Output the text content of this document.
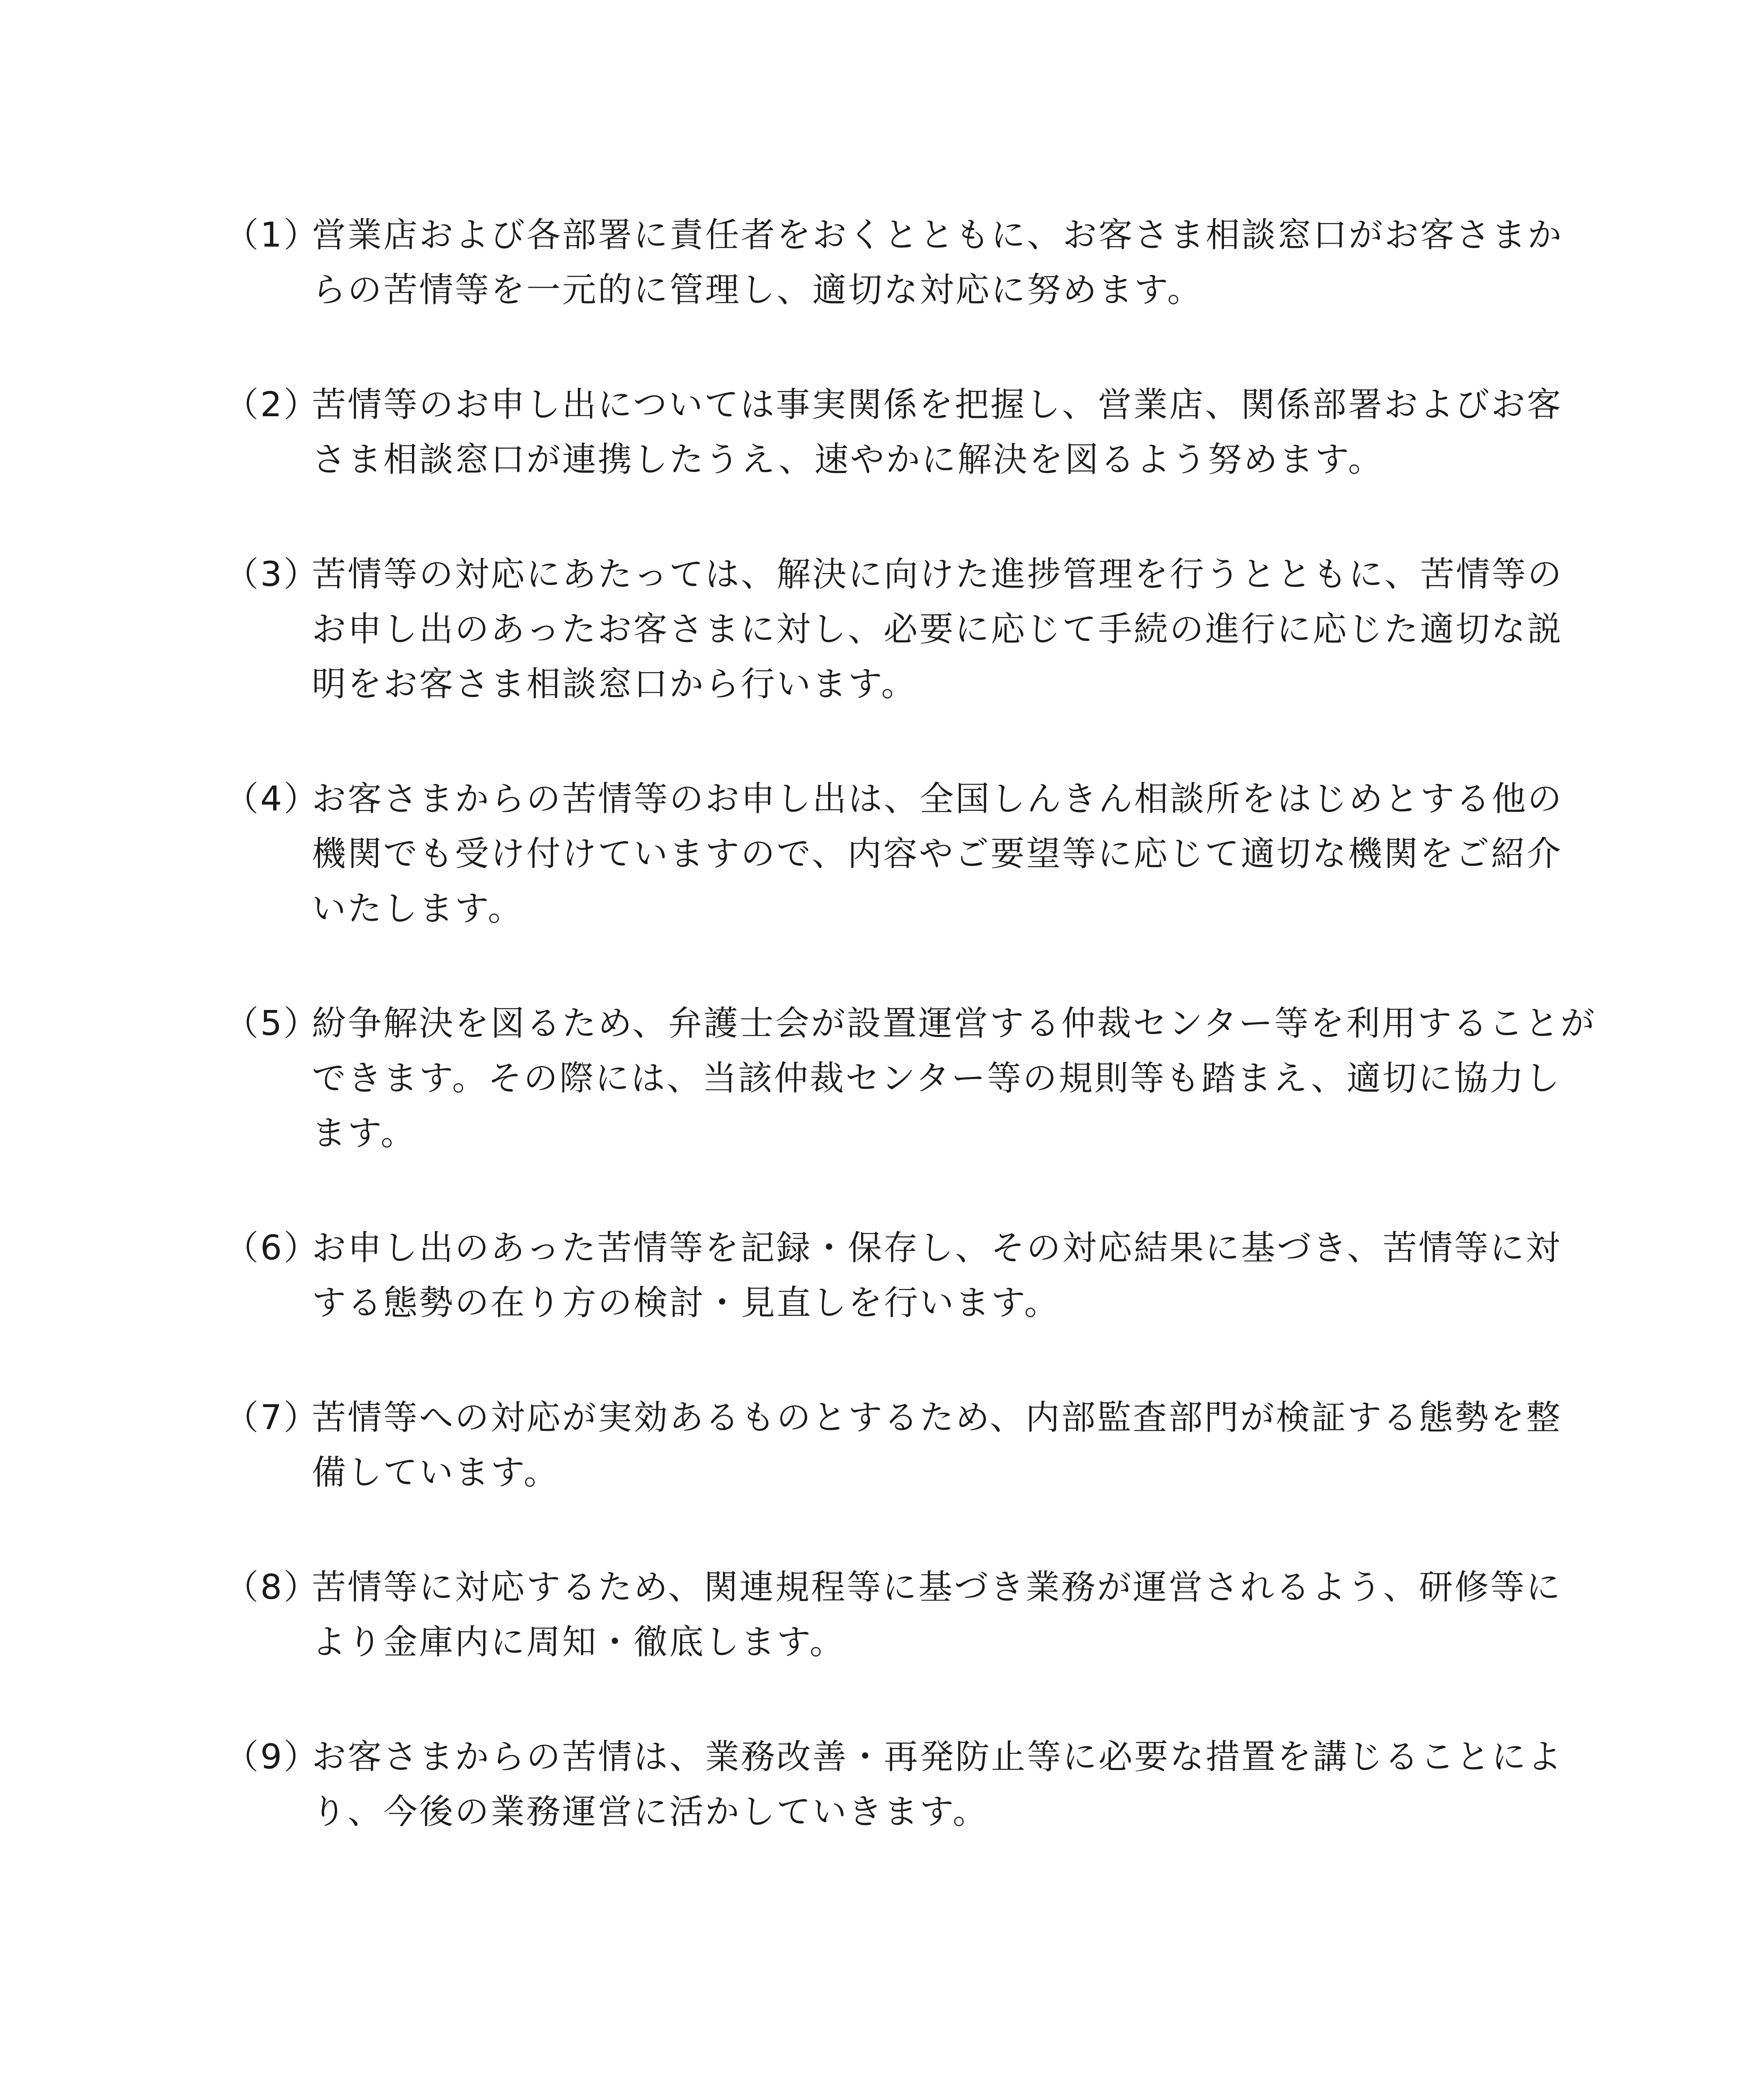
（1）
営業店および各部署に責任者をおくとともに、お客さま相談窓口がお客さまからの苦情等を一元的に管理し、適切な対応に努めます。
（2）
苦情等のお申し出については事実関係を把握し、営業店、関係部署およびお客さま相談窓口が連携したうえ、速やかに解決を図るよう努めます。
（3）
苦情等の対応にあたっては、解決に向けた進捗管理を行うとともに、苦情等のお申し出のあったお客さまに対し、必要に応じて手続の進行に応じた適切な説明をお客さま相談窓口から行います。
（4）
お客さまからの苦情等のお申し出は、全国しんきん相談所をはじめとする他の機関でも受け付けていますので、内容やご要望等に応じて適切な機関をご紹介いたします。
（5）
紛争解決を図るため、弁護士会が設置運営する仲裁センター等を利用することができます。その際には、当該仲裁センター等の規則等も踏まえ、適切に協力します。
（6）
お申し出のあった苦情等を記録・保存し、その対応結果に基づき、苦情等に対する態勢の在り方の検討・見直しを行います。
（7）
苦情等への対応が実効あるものとするため、内部監査部門が検証する態勢を整備しています。
（8）
苦情等に対応するため、関連規程等に基づき業務が運営されるよう、研修等により金庫内に周知・徹底します。
（9）
お客さまからの苦情は、業務改善・再発防止等に必要な措置を講じることにより、今後の業務運営に活かしていきます。
